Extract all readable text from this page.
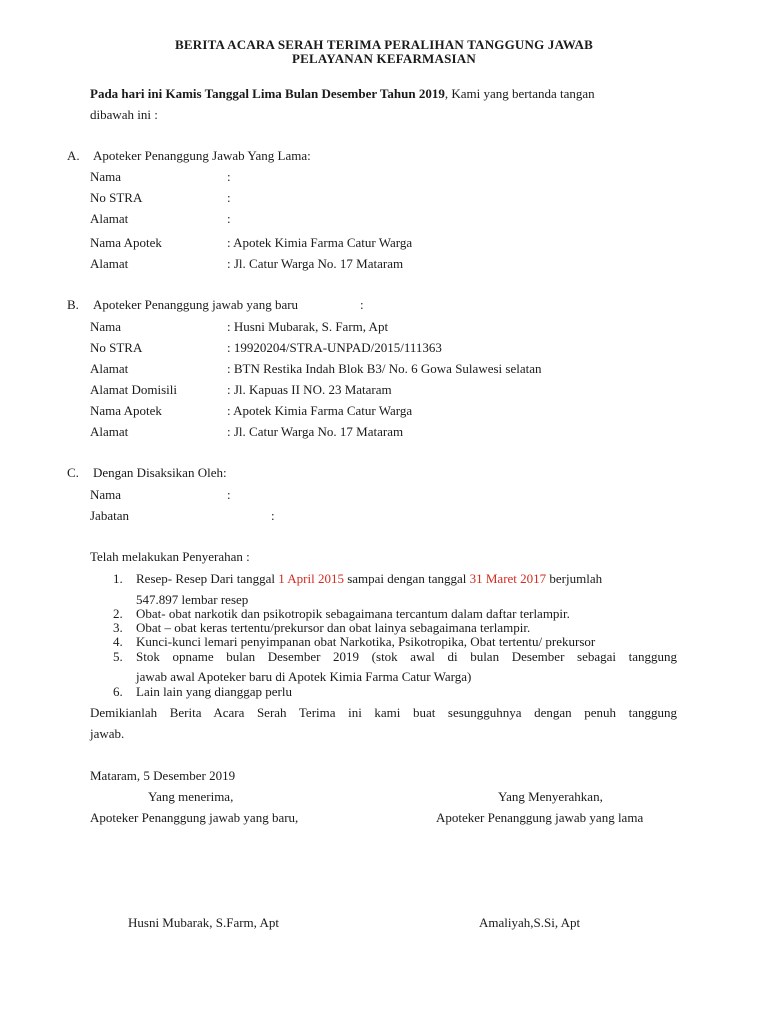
BERITA ACARA SERAH TERIMA PERALIHAN TANGGUNG JAWAB
PELAYANAN KEFARMASIAN
Pada hari ini Kamis Tanggal Lima Bulan Desember Tahun 2019, Kami yang bertanda tangan
dibawah ini :
A. Apoteker Penanggung Jawab Yang Lama:
Nama	:
No STRA	:
Alamat	:
Nama Apotek	: Apotek Kimia Farma Catur Warga
Alamat	: Jl. Catur Warga No. 17 Mataram
B. Apoteker Penanggung jawab yang baru	:
Nama	: Husni Mubarak, S. Farm, Apt
No STRA	: 19920204/STRA-UNPAD/2015/111363
Alamat	: BTN Restika Indah Blok B3/ No. 6 Gowa Sulawesi selatan
Alamat Domisili	: Jl. Kapuas II NO. 23 Mataram
Nama Apotek	: Apotek Kimia Farma Catur Warga
Alamat	: Jl. Catur Warga No. 17 Mataram
C. Dengan Disaksikan Oleh:
Nama	:
Jabatan	:
Telah melakukan Penyerahan :
1. Resep- Resep Dari tanggal 1 April 2015 sampai dengan tanggal 31 Maret 2017 berjumlah
547.897 lembar resep
2. Obat- obat narkotik dan psikotropik sebagaimana tercantum dalam daftar terlampir.
3. Obat – obat keras tertentu/prekursor dan obat lainya sebagaimana terlampir.
4. Kunci-kunci lemari penyimpanan obat Narkotika, Psikotropika, Obat tertentu/ prekursor
5. Stok opname bulan Desember 2019 (stok awal di bulan Desember sebagai tanggung
jawab awal Apoteker baru di Apotek Kimia Farma Catur Warga)
6. Lain lain yang dianggap perlu
Demikianlah Berita Acara Serah Terima ini kami buat sesungguhnya dengan penuh tanggung
jawab.
Mataram, 5 Desember 2019
Yang menerima,	Yang Menyerahkan,
Apoteker Penanggung jawab yang baru,	Apoteker Penanggung jawab yang lama
Husni Mubarak, S.Farm, Apt	Amaliyah,S.Si, Apt
